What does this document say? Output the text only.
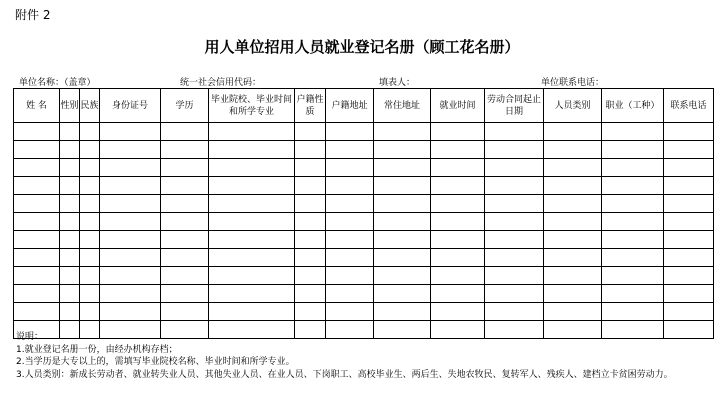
附件 2
用人单位招用人员就业登记名册（顾工花名册）
单位名称：（盖章）	统一社会信用代码：	填表人：	单位联系电话：
姓 名	性别	民族	身份证号	学历	毕业院校、毕业时间和所学专业	户籍性质	户籍地址	常住地址	就业时间	劳动合同起止日期	人员类别	职业（工种）	联系电话

说明：
1.就业登记名册一份，由经办机构存档；
2.当学历是大专以上的，需填写毕业院校名称、毕业时间和所学专业。
3.人员类别：新成长劳动者、就业转失业人员、其他失业人员、在业人员、下岗职工、高校毕业生、两后生、失地农牧民、复转军人、残疾人、建档立卡贫困劳动力。
